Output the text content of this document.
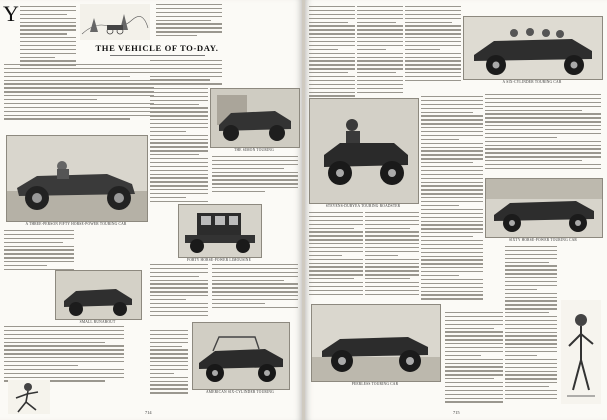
Y
THE VEHICLE OF TO-DAY.
A THREE-PERSON FIFTY HORSE-POWER TOURING CAR
SMALL RUNABOUT
THE SIMON TOURING
FORTY HORSE-POWER LIMOUSINE
AMERICAN SIX-CYLINDER TOURING
714
A SIX-CYLINDER TOURING CAR
STEVENS-DURYEA TOURING ROADSTER
SIXTY HORSE-POWER TOURING CAR
PEERLESS TOURING CAR
715
